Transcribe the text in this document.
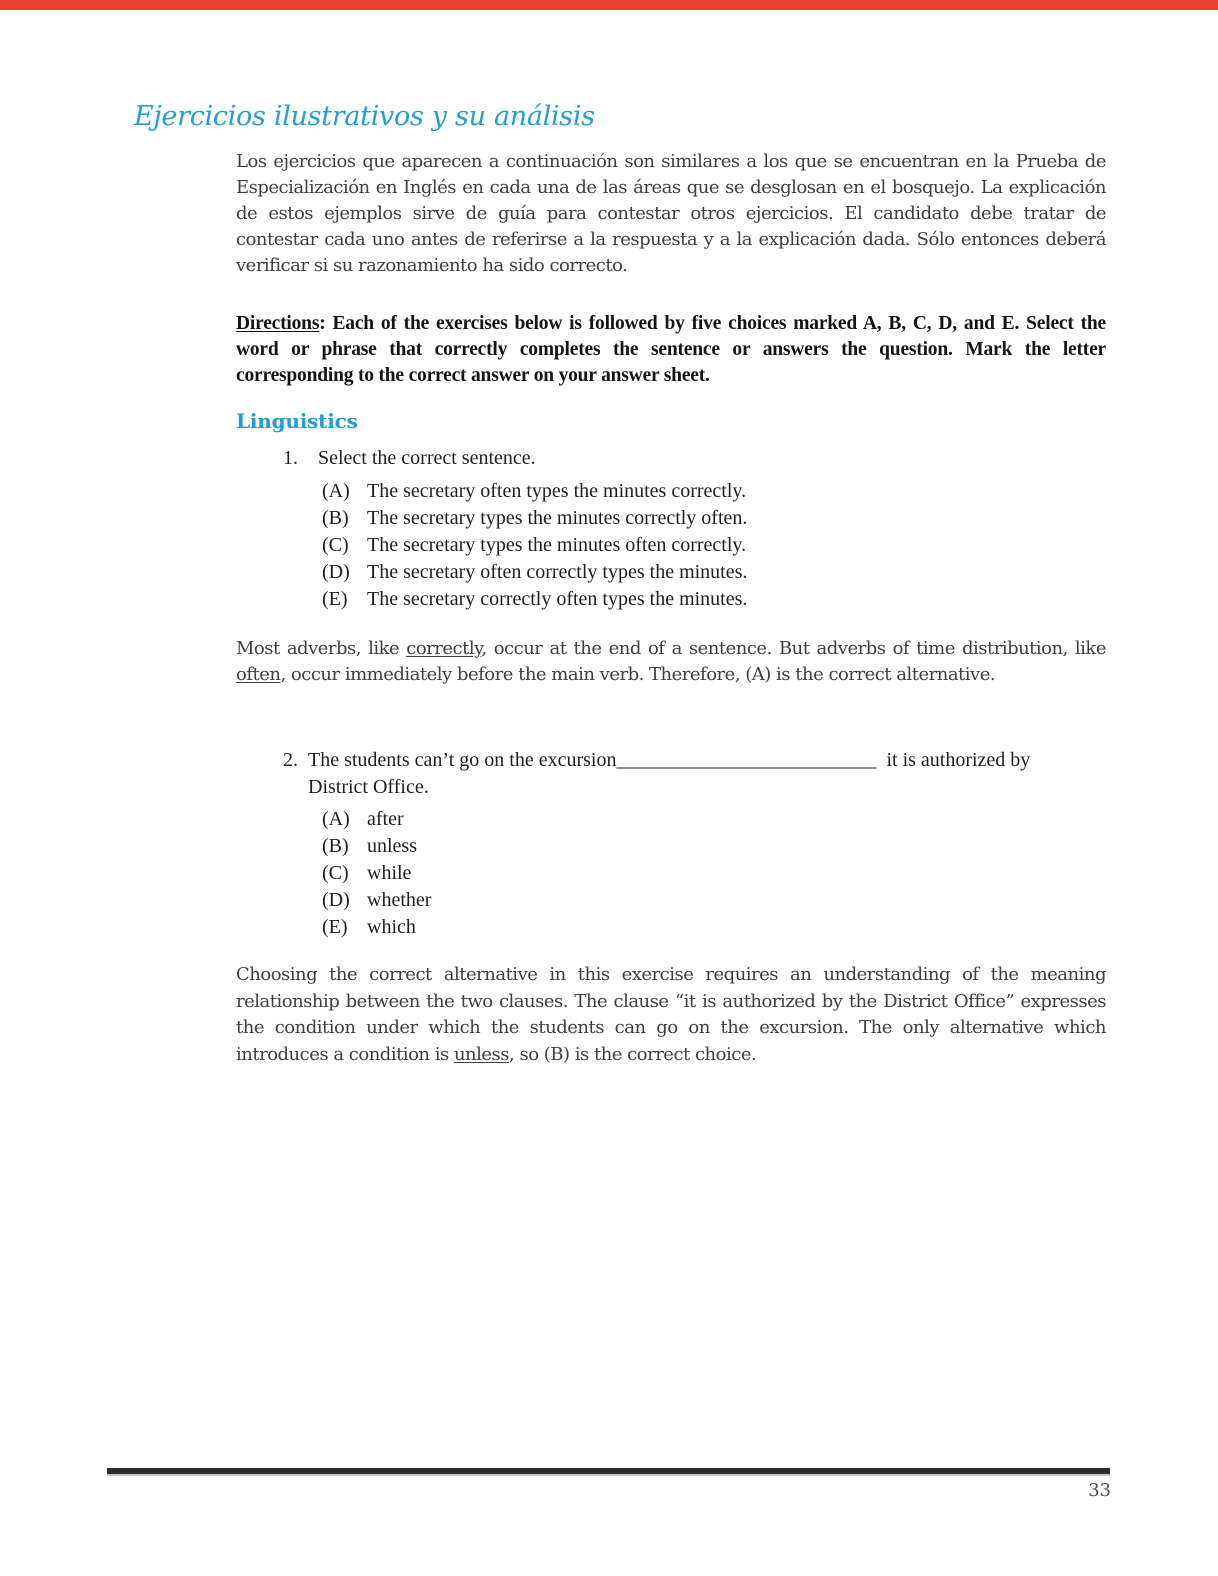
Ejercicios ilustrativos y su análisis

Los ejercicios que aparecen a continuación son similares a los que se encuentran en la Prueba de Especialización en Inglés en cada una de las áreas que se desglosan en el bosquejo. La explicación de estos ejemplos sirve de guía para contestar otros ejercicios. El candidato debe tratar de contestar cada uno antes de referirse a la respuesta y a la explicación dada. Sólo entonces deberá verificar si su razonamiento ha sido correcto.

Directions: Each of the exercises below is followed by five choices marked A, B, C, D, and E. Select the word or phrase that correctly completes the sentence or answers the question. Mark the letter corresponding to the correct answer on your answer sheet.

Linguistics
1.	Select the correct sentence.
(A) The secretary often types the minutes correctly.
(B) The secretary types the minutes correctly often.
(C) The secretary types the minutes often correctly.
(D) The secretary often correctly types the minutes.
(E) The secretary correctly often types the minutes.

Most adverbs, like correctly, occur at the end of a sentence. But adverbs of time distribution, like often, occur immediately before the main verb. Therefore, (A) is the correct alternative.

2. The students can’t go on the excursion__________________________ it is authorized by
District Office.
(A) after
(B) unless
(C) while
(D) whether
(E) which

Choosing the correct alternative in this exercise requires an understanding of the meaning relationship between the two clauses. The clause “it is authorized by the District Office” expresses the condition under which the students can go on the excursion. The only alternative which introduces a condition is unless, so (B) is the correct choice.

33
